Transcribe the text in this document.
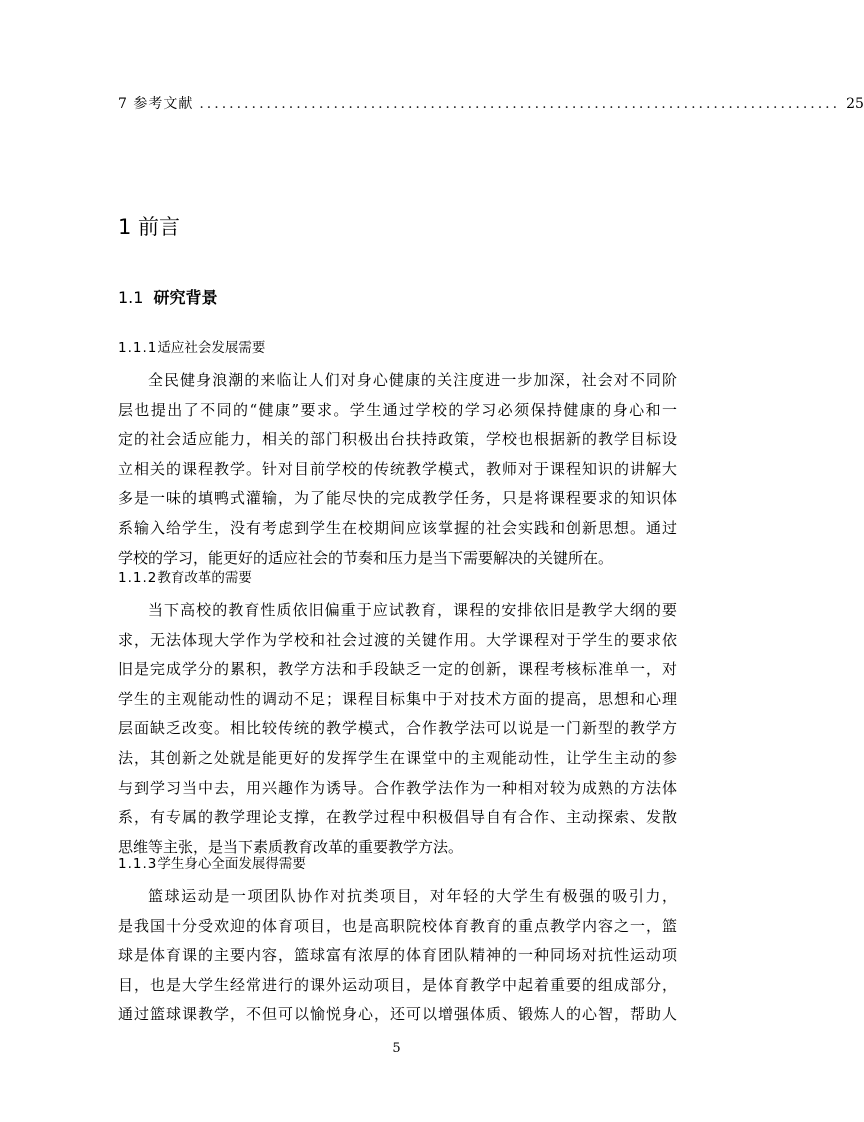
7 参考文献 ...................................................................................... 25
1 前言
1.1 研究背景
1.1.1适应社会发展需要

全民健身浪潮的来临让人们对身心健康的关注度进一步加深，社会对不同阶
层也提出了不同的“健康”要求。学生通过学校的学习必须保持健康的身心和一
定的社会适应能力，相关的部门积极出台扶持政策，学校也根据新的教学目标设
立相关的课程教学。针对目前学校的传统教学模式，教师对于课程知识的讲解大
多是一味的填鸭式灌输，为了能尽快的完成教学任务，只是将课程要求的知识体
系输入给学生，没有考虑到学生在校期间应该掌握的社会实践和创新思想。通过
学校的学习，能更好的适应社会的节奏和压力是当下需要解决的关键所在。

1.1.2教育改革的需要

当下高校的教育性质依旧偏重于应试教育，课程的安排依旧是教学大纲的要
求，无法体现大学作为学校和社会过渡的关键作用。大学课程对于学生的要求依
旧是完成学分的累积，教学方法和手段缺乏一定的创新，课程考核标准单一，对
学生的主观能动性的调动不足；课程目标集中于对技术方面的提高，思想和心理
层面缺乏改变。相比较传统的教学模式，合作教学法可以说是一门新型的教学方
法，其创新之处就是能更好的发挥学生在课堂中的主观能动性，让学生主动的参
与到学习当中去，用兴趣作为诱导。合作教学法作为一种相对较为成熟的方法体
系，有专属的教学理论支撑，在教学过程中积极倡导自有合作、主动探索、发散
思维等主张，是当下素质教育改革的重要教学方法。

1.1.3学生身心全面发展得需要

篮球运动是一项团队协作对抗类项目，对年轻的大学生有极强的吸引力，
是我国十分受欢迎的体育项目，也是高职院校体育教育的重点教学内容之一，篮
球是体育课的主要内容，篮球富有浓厚的体育团队精神的一种同场对抗性运动项
目，也是大学生经常进行的课外运动项目，是体育教学中起着重要的组成部分，
通过篮球课教学，不但可以愉悦身心，还可以增强体质、锻炼人的心智，帮助人

5
